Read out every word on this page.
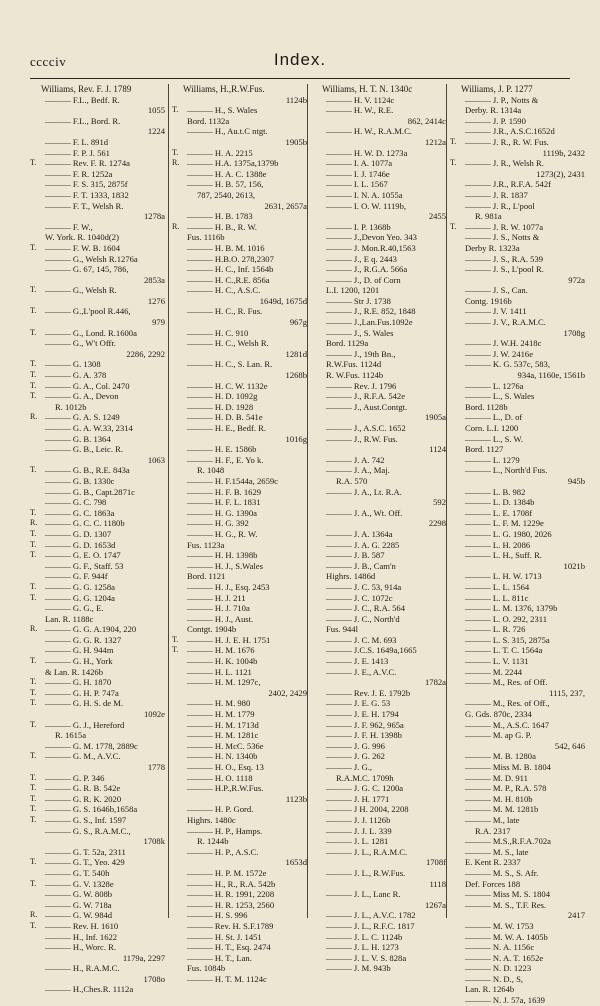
cccciv	Index.
Williams, Rev. F. J. 1789
——— F.L., Bedf. R.
1055
——— F.L., Bord. R.
1224
——— F. L. 891d
——— F. P. J. 561
T.	——— Rev. F. R. 1274a
——— F. R. 1252a
——— F. S. 315, 2875f
——— F. T. 1333, 1832
——— F. T., Welsh R.
1278a
——— F. W.,
W. York. R. 1040d(2)
T.	——— F. W. B. 1604
——— G., Welsh R.1276a
——— G. 67, 145, 786,
2853a
T.	——— G., Welsh R.
1276
T.	——— G.,L'pool R.446,
979
T.	——— G., Lond. R.1600a
——— G., W't Offr.
2286, 2292
T.	——— G. 1308
T.	——— G. A. 378
T.	——— G. A., Col. 2470
T.	——— G. A., Devon
R. 1012b
R. ——— G. A. S. 1249
——— G. A. W.33, 2314
——— G. B. 1364
——— G. B., Leic. R.
1063
T.	——— G. B., R.E. 843a
——— G. B. 1330c
——— G. B., Capt.2871c
——— G. C. 798
T.	——— G. C. 1863a
R. ——— G. C. C. 1180b
T.	——— G. D. 1307
T.	——— G. D. 1653d
T.	——— G. E. O. 1747
——— G. F., Staff. 53
——— G. F. 944f
T.	——— G. G. 1258a
T.	——— G. G. 1204a
——— G. G., E.
Lan. R. 1188c
R. ——— G. G. A.1904, 220
——— G. G. R. 1327
——— G. H. 944m
T.	——— G. H., York
& Lan. R. 1426b
T.	——— G. H. 1870
T.	——— G. H. P. 747a
T.	——— G. H. S. de M.
1092e
T.	——— G. J., Hereford
R. 1615a
——— G. M. 1778, 2889c
T.	——— G. M., A.V.C.
1778
T.	——— G. P. 346
T.	——— G. R. B. 542e
T.	——— G. R. K. 2020
T.	——— G. S. 1646b,1658a
T.	——— G. S., Inf. 1597
——— G. S., R.A.M.C.,
1708k
——— G. T. 52a, 2311
T.	——— G. T., Yeo. 429
——— G. T. 540h
T.	——— G. V. 1328e
——— G. W. 808b
——— G. W. 718a
R. ——— G. W. 984d
T.	——— Rev. H. 1610
——— H., Inf. 1622
——— H., Worc. R.
1179a, 2297
——— H., R.A.M.C.
1708o
——— H.,Ches.R. 1112a
Williams, H.,R.W.Fus.
1124b
T.	——— H., S. Wales
Bord. 1132a
——— H., Au.t.C ntgt.
1905b
T.	——— H. A. 2215
R. ——— H.A. 1375a,1379b
——— H. A. C. 1388e
——— H. B. 57, 156,
787, 2540, 2613,
2631, 2657a
——— H. B. 1783
R. ——— H. B., R. W.
Fus. 1116b
——— H. B. M. 1016
——— H.B.O. 278,2307
——— H. C., Inf. 1564b
——— H. C.,R.E. 856a
——— H. C., A.S.C.
1649d, 1675d
——— H. C., R. Fus.
967g
——— H. C. 910
——— H. C., Welsh R.
1281d
——— H. C., S. Lan. R.
1268b
——— H. C. W. 1132e
——— H. D. 1092g
——— H. D. 1928
——— H. D. B. 541e
——— H. E., Bedf. R.
1016g
——— H. E. 1586b
——— H. F., E. Yo k.
R. 1048
——— H. F.1544a, 2659c
——— H. F. B. 1629
——— H. F. L. 1831
——— H. G. 1390a
——— H. G. 392
——— H. G., R. W.
Fus. 1123a
——— H. H. 1398b
——— H. J., S.Wales
Bord. 1121
——— H. J., Esq. 2453
——— H. J. 211
——— H. J. 710a
——— H. J., Aust.
Contgt. 1904b
T.	——— H. J. E. H. 1751
T.	——— H. M. 1676
——— H. K. 1004b
——— H. L. 1121
——— H. M. 1297c,
2402, 2429
——— H. M. 980
——— H. M. 1779
——— H. M. 1713d
——— H. M. 1281c
——— H. McC. 536e
——— H. N. 1340b
——— H. O., Esq. 13
——— H. O. 1118
——— H.P.,R.W.Fus.
1123b
——— H. P. Gord.
Highrs. 1480c
——— H. P., Hamps.
R. 1244b
——— H. P., A.S.C.
1653d
——— H. P. M. 1572e
——— H., R., R.A. 542b
——— H. R. 1991, 2208
——— H. R. 1253, 2560
——— H. S. 996
——— Rev. H. S.F.1789
——— H. St. J. 1451
——— H. T., Esq. 2474
——— H. T., Lan.
Fus. 1084b
——— H. T. M. 1124c
Williams, H. T. N. 1340c
——— H. V. 1124c
——— H. W., R.E.
862, 2414c
——— H. W., R.A.M.C.
1212a
——— H. W. D. 1273a
——— I. A. 1077a
——— I. J. 1746e
——— I. L. 1567
——— I. N. A. 1055a
——— I. O. W. 1119b,
2455
——— I. P. 1368b
——— J.,Devon Yeo. 343
——— J. Mon.R.40,1563
——— J., E q. 2443
——— J., R.G.A. 566a
——— J., D. of Corn
L.I. 1200, 1201
——— Str J. 1738
——— J., R.E. 852, 1848
——— J.,Lan.Fus.1092e
——— J., S. Wales
Bord. 1129a
——— J., 19th Bn.,
R.W.Fus. 1124d
R. W.Fus. 1124b
——— Rev. J. 1796
——— J., R.F.A. 542e
——— J., Aust.Contgt.
1905a
——— J., A.S.C. 1652
——— J., R.W. Fus.
1124
——— J. A. 742
——— J. A., Maj.
R.A. 570
——— J. A., Lt. R.A.
592
——— J. A., Wt. Off.
2298
——— J. A. 1364a
——— J. A. G. 2285
——— J. B. 587
——— J. B., Cam'n
Highrs. 1486d
——— J. C. 53, 914a
——— J. C. 1072c
——— J. C., R.A. 564
——— J. C., North'd
Fus. 944l
——— J. C. M. 693
——— J.C.S. 1649a,1665
——— J. E. 1413
——— J. E., A.V.C.
1782a
——— Rev. J. E. 1792b
——— J. E. G. 53
——— J. E. H. 1794
——— J. F. 962, 965a
——— J. F. H. 1398b
——— J. G. 996
——— J. G. 262
——— J. G.,
R.A.M.C. 1709h
——— J. G. C. 1200a
——— J. H. 1771
——— J H. 2004, 2208
——— J. J. 1126b
——— J. J. L. 339
——— J. L. 1281
——— J. L., R.A.M.C.
1708f
——— J. L., R.W.Fus.
1118
——— J. L., Lanc R.
1267a
——— J. L., A.V.C. 1782
——— J. L., R.F.C. 1817
——— J. L. C. 1124b
——— J. L. H. 1273
——— J. L. V. S. 828a
——— J. M. 943b
Williams, J. P. 1277
——— J. P., Notts &
Derby. R. 1314a
——— J. P. 1590
——— J.R., A.S.C.1652d
T.	——— J. R., R. W. Fus.
1119b, 2432
T.	——— J. R., Welsh R.
1273(2), 2431
——— J.R., R.F.A. 542f
——— J. R. 1837
——— J. R., L'pool
R. 981a
T.	——— J. R. W. 1077a
——— J. S., Notts &
Derby R. 1323a
——— J. S., R.A. 539
——— J. S., L'pool R.
972a
——— J. S., Can.
Contg. 1916b
——— J. V. 1411
——— J. V., R.A.M.C.
1708g
——— J. W.H. 2418c
——— J. W. 2416e
——— K. G. 537c, 583,
934a, 1160e, 1561b
——— L. 1276a
——— L., S. Wales
Bord. 1128b
——— L., D. of
Corn. L.I. 1200
——— L., S. W.
Bord. 1127
——— L. 1279
——— L., North'd Fus.
945b
——— L. B. 982
——— L. D. 1384b
——— L. E. 1708f
——— L. F. M. 1229e
——— L. G. 1980, 2026
——— L. H. 2086
——— L. H., Suff. R.
1021b
——— L. H. W. 1713
——— L. L. 1564
——— L. L. 811c
——— L. M. 1376, 1379b
——— L. O. 292, 2311
——— L. R. 726
——— L. S. 315, 2875a
——— L. T. C. 1564a
——— L. V. 1131
——— M. 2244
——— M., Res. of Off.
1115, 237,
——— M., Res. of Off.,
G. Gds. 870c, 2334
——— M., A.S.C. 1647
——— M. ap G. P.
542, 646
——— M. B. 1280a
——— Miss M. B. 1804
——— M. D. 911
——— M. P., R.A. 578
——— M. H. 810b
——— M. M. 1281b
——— M., late
R.A. 2317
——— M.S.,R.F.A.702a
——— M. S., late
E. Kent R. 2337
——— M. S., S. Afr.
Def. Forces 188
——— Miss M. S. 1804
——— M. S., T.F. Res.
2417
——— M. W. 1753
——— M. W. A. 1405b
——— N. A. 1156c
——— N. A. T. 1652e
——— N. D. 1223
——— N. D., S,
Lan. R. 1264b
——— N. J. 57a, 1639
